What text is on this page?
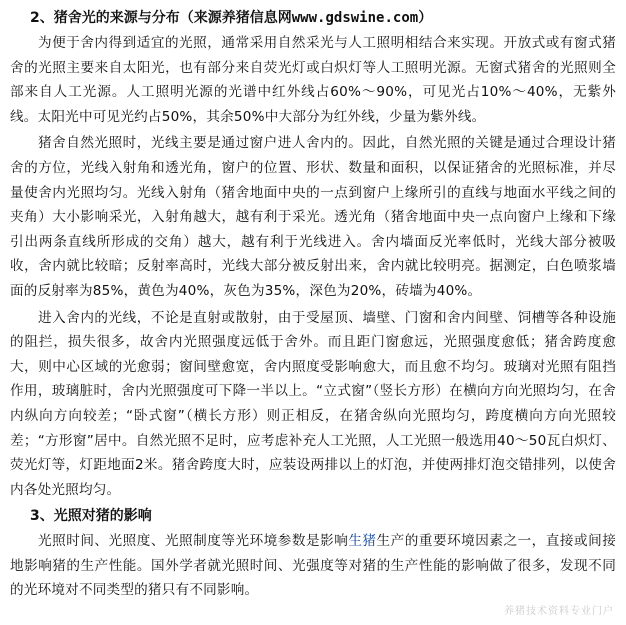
2、猪舍光的来源与分布（来源养猪信息网www.gdswine.com）

为便于舍内得到适宜的光照，通常采用自然采光与人工照明相结合来实现。开放式或有窗式猪舍的光照主要来自太阳光，也有部分来自荧光灯或白炽灯等人工照明光源。无窗式猪舍的光照则全部来自人工光源。人工照明光源的光谱中红外线占60%～90%，可见光占10%～40%，无紫外线。太阳光中可见光约占50%，其余50%中大部分为红外线，少量为紫外线。

猪舍自然光照时，光线主要是通过窗户进人舍内的。因此，自然光照的关键是通过合理设计猪舍的方位，光线入射角和透光角，窗户的位置、形状、数量和面积，以保证猪舍的光照标准，并尽量使舍内光照均匀。光线入射角（猪舍地面中央的一点到窗户上缘所引的直线与地面水平线之间的夹角）大小影响采光，入射角越大，越有利于采光。透光角（猪舍地面中央一点向窗户上缘和下缘引出两条直线所形成的交角）越大，越有利于光线进入。舍内墙面反光率低时，光线大部分被吸收，舍内就比较暗；反射率高时，光线大部分被反射出来，舍内就比较明亮。据测定，白色喷浆墙面的反射率为85%，黄色为40%，灰色为35%，深色为20%，砖墙为40%。

进入舍内的光线，不论是直射或散射，由于受屋顶、墙壁、门窗和舍内间壁、饲槽等各种设施的阻拦，损失很多，故舍内光照强度远低于舍外。而且距门窗愈远，光照强度愈低；猪舍跨度愈大，则中心区域的光愈弱；窗间壁愈宽，舍内照度受影响愈大，而且愈不均匀。玻璃对光照有阻挡作用，玻璃脏时，舍内光照强度可下降一半以上。“立式窗”（竖长方形）在横向方向光照均匀，在舍内纵向方向较差；“卧式窗”（横长方形）则正相反，在猪舍纵向光照均匀，跨度横向方向光照较差；“方形窗”居中。自然光照不足时，应考虑补充人工光照，人工光照一般选用40～50瓦白炽灯、荧光灯等，灯距地面2米。猪舍跨度大时，应装设两排以上的灯泡，并使两排灯泡交错排列，以使舍内各处光照均匀。

3、光照对猪的影响

光照时间、光照度、光照制度等光环境参数是影响生猪生产的重要环境因素之一，直接或间接地影响猪的生产性能。国外学者就光照时间、光强度等对猪的生产性能的影响做了很多，发现不同的光环境对不同类型的猪只有不同影响。

养猪技术资料专业门户
